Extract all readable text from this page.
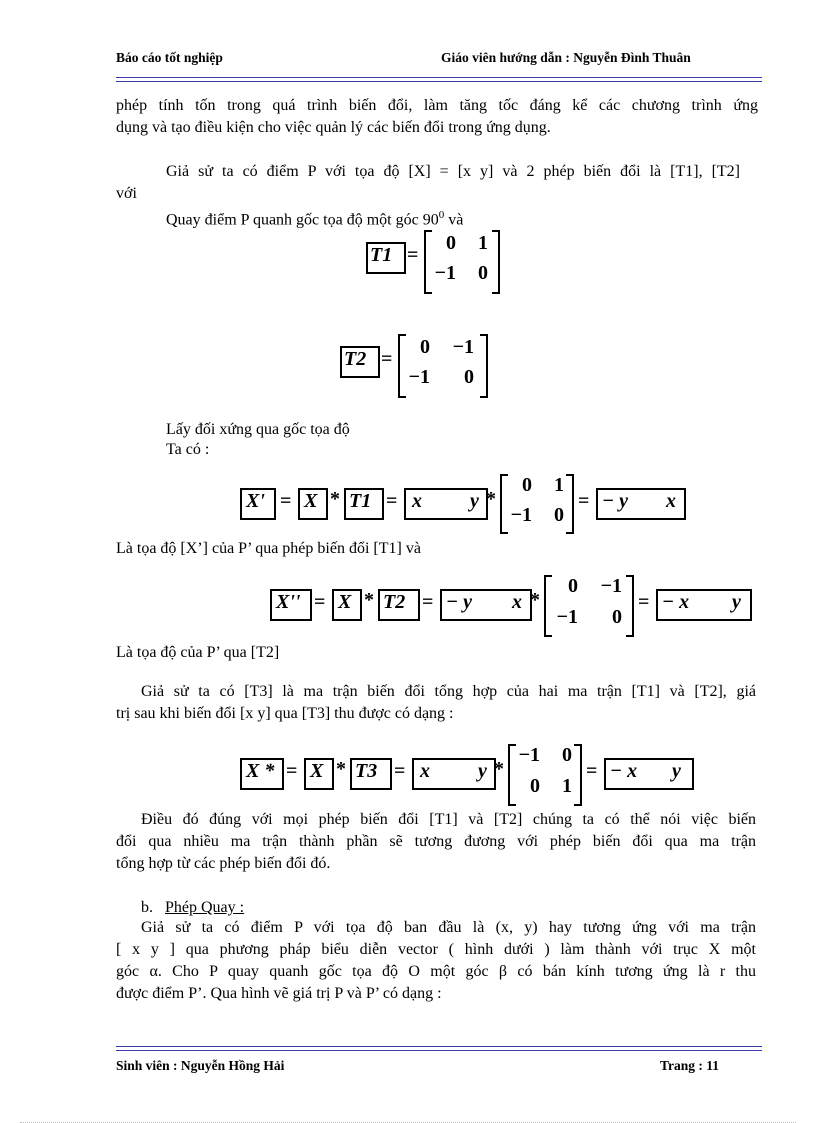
Báo cáo tốt nghiệp	Giáo viên hướng dẫn : Nguyễn Đình Thuân
phép tính tốn trong quá trình biến đổi, làm tăng tốc đáng kể các chương trình ứng
dụng và tạo điều kiện cho việc quản lý các biến đổi trong ứng dụng.
Giả sử ta có điểm P với tọa độ [X] = [x y] và 2 phép biến đổi là [T1], [T2]
với
Quay điểm P quanh gốc tọa độ một góc $90^0$ và
T1 =
0	1
−1	0
T2 =
0	−1
−1	0
Lấy đối xứng qua gốc tọa độ
Ta có :
X' = X * T1 = x y *
0	1
−1	0
= − y x
Là tọa độ [X’] của P’ qua phép biến đổi [T1] và
X'' = X * T2 = − y x *
0	−1
−1	0
= − x y
Là tọa độ của P’ qua [T2]
Giả sử ta có [T3] là ma trận biến đổi tổng hợp của hai ma trận [T1] và [T2], giá
trị sau khi biến đổi [x y] qua [T3] thu được có dạng :
X * = X * T3 = x y *
−1	0
0	1
= − x y
Điều đó đúng với mọi phép biến đổi [T1] và [T2] chúng ta có thể nói việc biến
đổi qua nhiều ma trận thành phần sẽ tương đương với phép biến đổi qua ma trận
tổng hợp từ các phép biến đổi đó.
b. Phép Quay :
Giả sử ta có điểm P với tọa độ ban đầu là (x, y) hay tương ứng với ma trận
[ x y ] qua phương pháp biểu diễn vector ( hình dưới ) làm thành với trục X một
góc α. Cho P quay quanh gốc tọa độ O một góc β có bán kính tương ứng là r thu
được điểm P’. Qua hình vẽ giá trị P và P’ có dạng :
Sinh viên : Nguyễn Hồng Hải	Trang : 11
